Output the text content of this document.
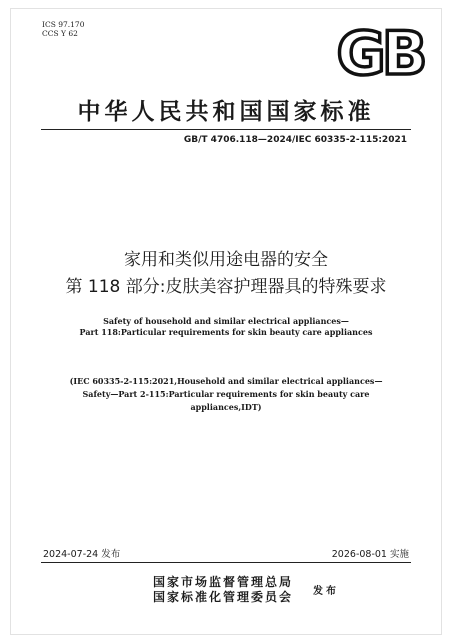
ICS 97.170
CCS Y 62	GB
中华人民共和国国家标准
GB/T 4706.118—2024/IEC 60335-2-115:2021
家用和类似用途电器的安全
第 118 部分:皮肤美容护理器具的特殊要求
Safety of household and similar electrical appliances—
Part 118:Particular requirements for skin beauty care appliances
(IEC 60335-2-115:2021,Household and similar electrical appliances—
Safety—Part 2-115:Particular requirements for skin beauty care
appliances,IDT)
2024-07-24 发布	2026-08-01 实施
国家市场监督管理总局
国家标准化管理委员会 发布
